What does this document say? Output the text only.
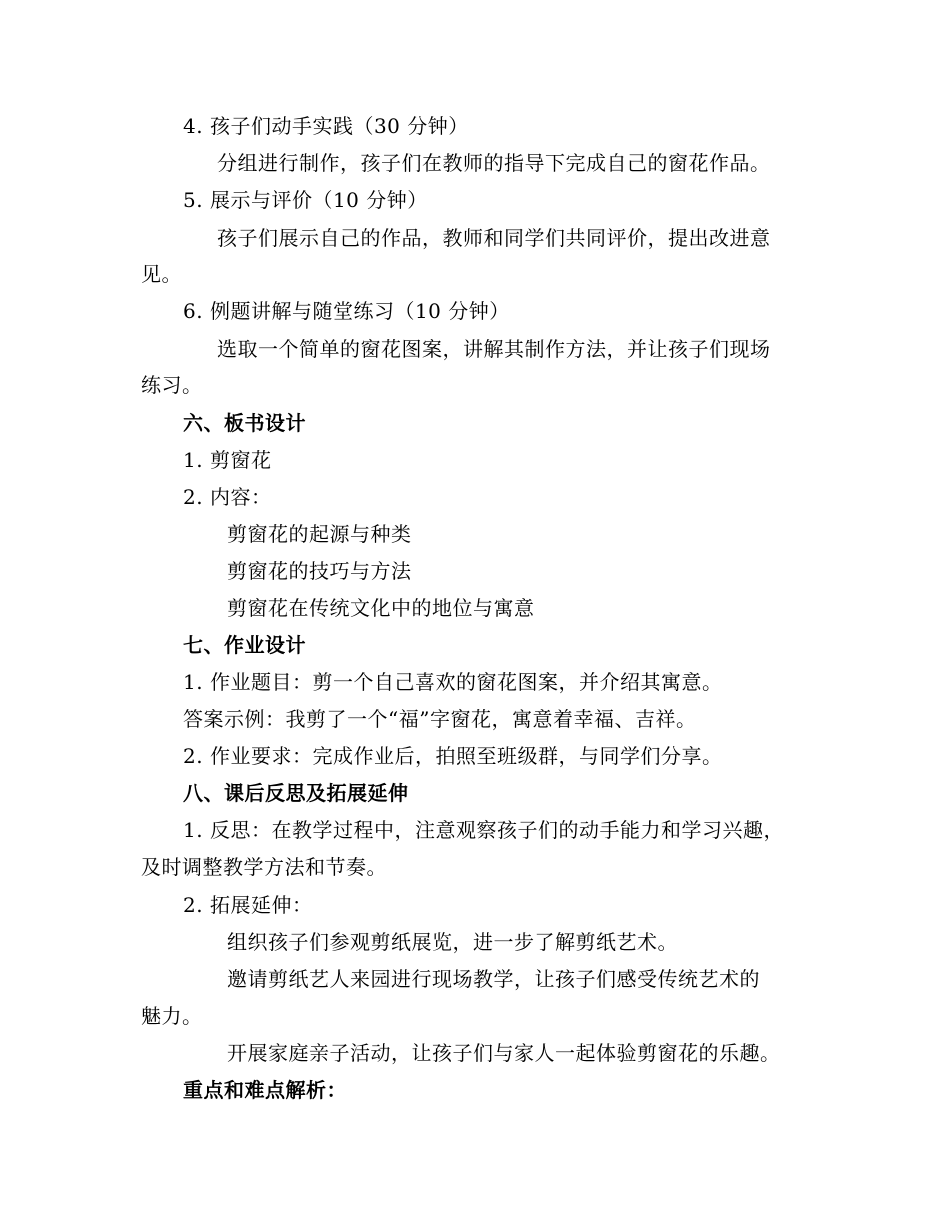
4. 孩子们动手实践（30 分钟）
分组进行制作，孩子们在教师的指导下完成自己的窗花作品。
5. 展示与评价（10 分钟）
孩子们展示自己的作品，教师和同学们共同评价，提出改进意
见。
6. 例题讲解与随堂练习（10 分钟）
选取一个简单的窗花图案，讲解其制作方法，并让孩子们现场
练习。
六、板书设计
1. 剪窗花
2. 内容：
剪窗花的起源与种类
剪窗花的技巧与方法
剪窗花在传统文化中的地位与寓意
七、作业设计
1. 作业题目：剪一个自己喜欢的窗花图案，并介绍其寓意。
答案示例：我剪了一个“福”字窗花，寓意着幸福、吉祥。
2. 作业要求：完成作业后，拍照至班级群，与同学们分享。
八、课后反思及拓展延伸
1. 反思：在教学过程中，注意观察孩子们的动手能力和学习兴趣，
及时调整教学方法和节奏。
2. 拓展延伸：
组织孩子们参观剪纸展览，进一步了解剪纸艺术。
邀请剪纸艺人来园进行现场教学，让孩子们感受传统艺术的
魅力。
开展家庭亲子活动，让孩子们与家人一起体验剪窗花的乐趣。
重点和难点解析：
